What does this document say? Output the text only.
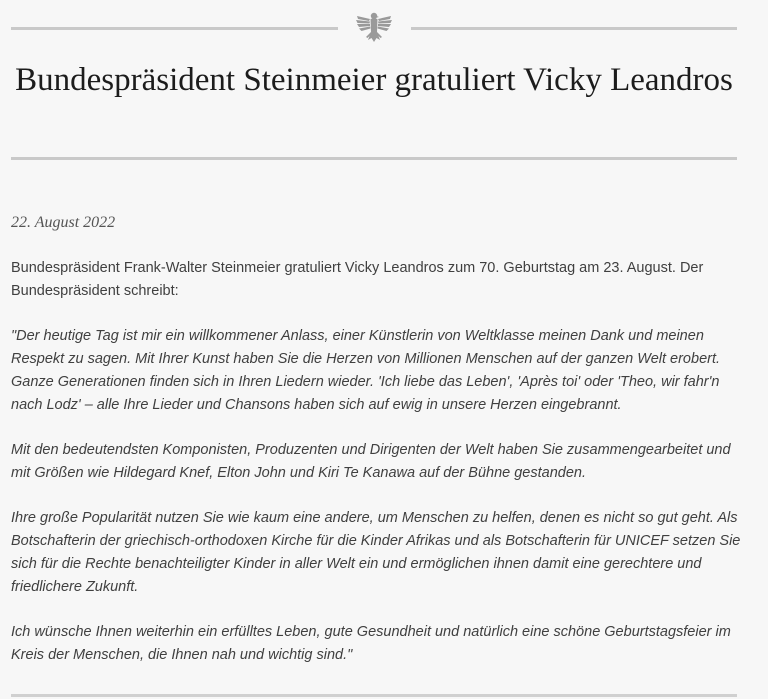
Bundespräsident Steinmeier gratuliert Vicky Leandros
22. August 2022

Bundespräsident Frank-Walter Steinmeier gratuliert Vicky Leandros zum 70. Geburtstag am 23. August. Der Bundespräsident schreibt:

"Der heutige Tag ist mir ein willkommener Anlass, einer Künstlerin von Weltklasse meinen Dank und meinen Respekt zu sagen. Mit Ihrer Kunst haben Sie die Herzen von Millionen Menschen auf der ganzen Welt erobert. Ganze Generationen finden sich in Ihren Liedern wieder. 'Ich liebe das Leben', 'Après toi' oder 'Theo, wir fahr'n nach Lodz' – alle Ihre Lieder und Chansons haben sich auf ewig in unsere Herzen eingebrannt.

Mit den bedeutendsten Komponisten, Produzenten und Dirigenten der Welt haben Sie zusammengearbeitet und mit Größen wie Hildegard Knef, Elton John und Kiri Te Kanawa auf der Bühne gestanden.

Ihre große Popularität nutzen Sie wie kaum eine andere, um Menschen zu helfen, denen es nicht so gut geht. Als Botschafterin der griechisch-orthodoxen Kirche für die Kinder Afrikas und als Botschafterin für UNICEF setzen Sie sich für die Rechte benachteiligter Kinder in aller Welt ein und ermöglichen ihnen damit eine gerechtere und friedlichere Zukunft.

Ich wünsche Ihnen weiterhin ein erfülltes Leben, gute Gesundheit und natürlich eine schöne Geburtstagsfeier im Kreis der Menschen, die Ihnen nah und wichtig sind."
